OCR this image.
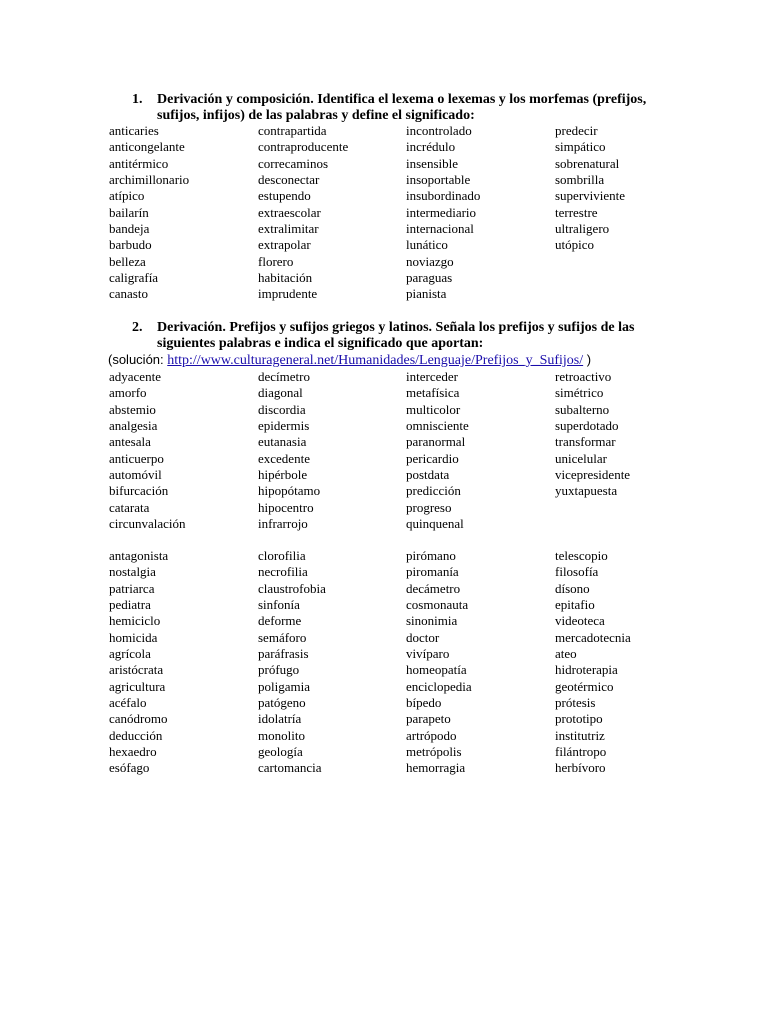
1.	Derivación y composición. Identifica el lexema o lexemas y los morfemas (prefijos, sufijos, infijos) de las palabras y define el significado:
anticaries	contrapartida	incontrolado	predecir
anticongelante	contraproducente	incrédulo	simpático
antitérmico	correcaminos	insensible	sobrenatural
archimillonario	desconectar	insoportable	sombrilla
atípico	estupendo	insubordinado	superviviente
bailarín	extraescolar	intermediario	terrestre
bandeja	extralimitar	internacional	ultraligero
barbudo	extrapolar	lunático	utópico
belleza	florero	noviazgo
caligrafía	habitación	paraguas
canasto	imprudente	pianista
2.	Derivación. Prefijos y sufijos griegos y latinos. Señala los prefijos y sufijos de las siguientes palabras e indica el significado que aportan:
(solución: http://www.culturageneral.net/Humanidades/Lenguaje/Prefijos_y_Sufijos/ )
adyacente	decímetro	interceder	retroactivo
amorfo	diagonal	metafísica	simétrico
abstemio	discordia	multicolor	subalterno
analgesia	epidermis	omnisciente	superdotado
antesala	eutanasia	paranormal	transformar
anticuerpo	excedente	pericardio	unicelular
automóvil	hipérbole	postdata	vicepresidente
bifurcación	hipopótamo	predicción	yuxtapuesta
catarata	hipocentro	progreso
circunvalación	infrarrojo	quinquenal
antagonista	clorofilia	pirómano	telescopio
nostalgia	necrofilia	piromanía	filosofía
patriarca	claustrofobia	decámetro	dísono
pediatra	sinfonía	cosmonauta	epitafio
hemiciclo	deforme	sinonimia	videoteca
homicida	semáforo	doctor	mercadotecnia
agrícola	paráfrasis	vivíparo	ateo
aristócrata	prófugo	homeopatía	hidroterapia
agricultura	poligamia	enciclopedia	geotérmico
acéfalo	patógeno	bípedo	prótesis
canódromo	idolatría	parapeto	prototipo
deducción	monolito	artrópodo	institutriz
hexaedro	geología	metrópolis	filántropo
esófago	cartomancia	hemorragia	herbívoro
